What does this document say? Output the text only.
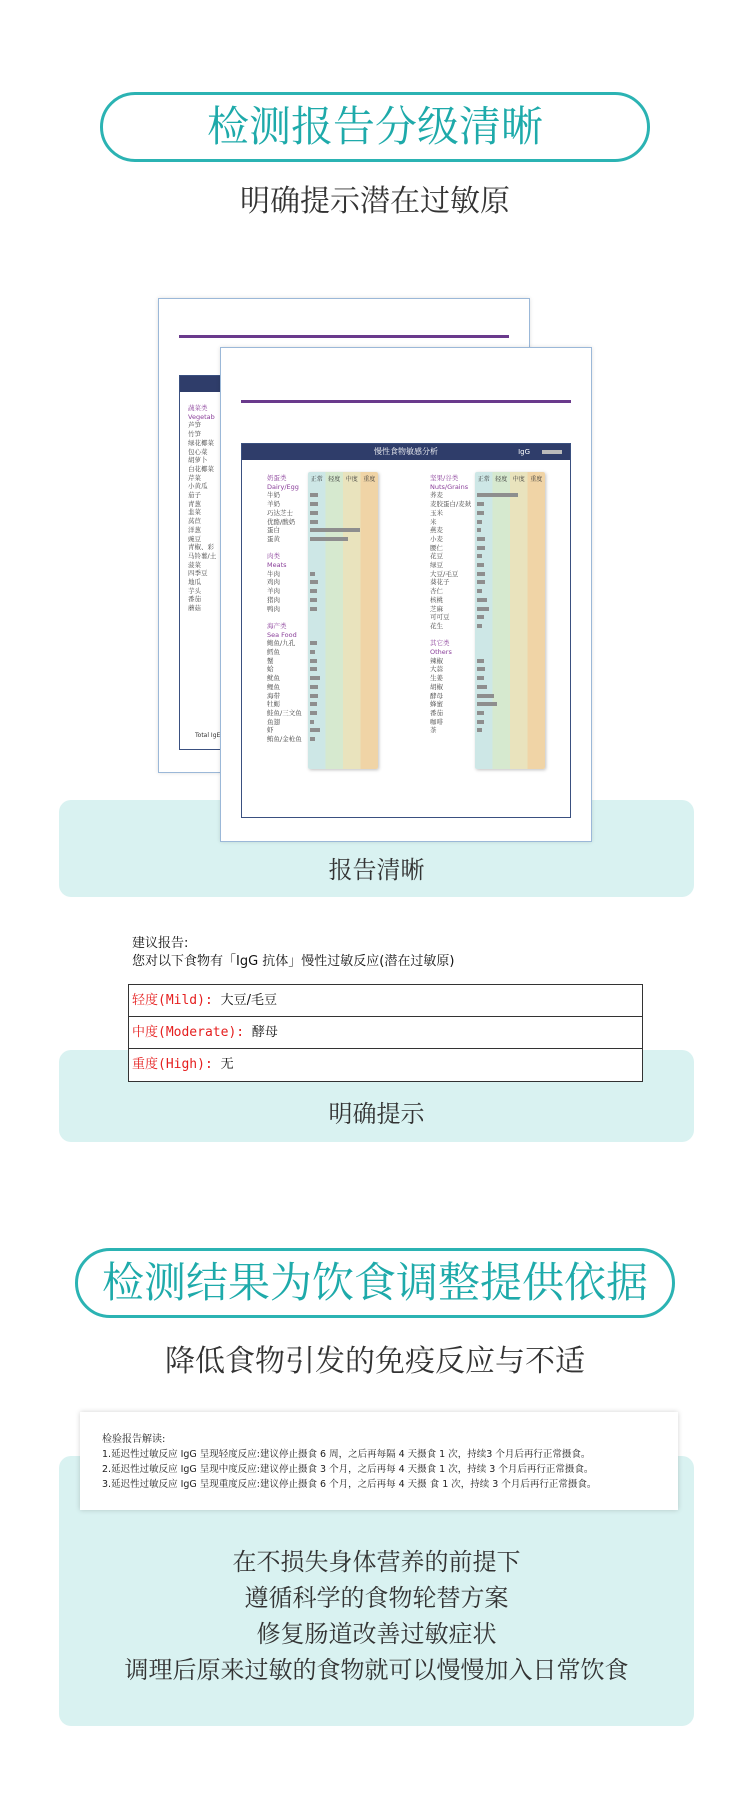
检测报告分级清晰
明确提示潜在过敏原
报告清晰
蔬菜类
Vegetab
芦笋
竹笋
绿花椰菜
包心菜
胡萝卜
白花椰菜
芹菜
小黄瓜
茄子
青葱
韭菜
莴苣
洋葱
豌豆
青椒、彩
马铃薯/土
菠菜
四季豆
地瓜
芋头
番茄
蘑菇
Total IgE
慢性食物敏感分析	IgG
奶蛋类
Dairy/Egg
牛奶
羊奶
巧达芝士
优酪/酸奶
蛋白
蛋黄

肉类
Meats
牛肉
鸡肉
羊肉
猪肉
鸭肉

海产类
Sea Food
鲍鱼/九孔
鳕鱼
蟹
蛤
鱿鱼
鲤鱼
海带
牡蛎
鲑鱼/三文鱼
鱼翅
虾
鲔鱼/金枪鱼
正常 轻度 中度 重度	坚果/谷类
Nuts/Grains
荞麦
麦胶蛋白/麦麸
玉米
米
燕麦
小麦
腰仁
花豆
绿豆
大豆/毛豆
葵花子
杏仁
核桃
芝麻
可可豆
花生

其它类
Others
辣椒
大蒜
生姜
胡椒
酵母
蜂蜜
番茄
咖啡
茶
正常 轻度 中度 重度
明确提示
建议报告:
您对以下食物有「IgG 抗体」慢性过敏反应(潜在过敏原)
轻度(Mild): 大豆/毛豆
中度(Moderate): 酵母
重度(High): 无
检测结果为饮食调整提供依据
降低食物引发的免疫反应与不适
在不损失身体营养的前提下
遵循科学的食物轮替方案
修复肠道改善过敏症状
调理后原来过敏的食物就可以慢慢加入日常饮食
检验报告解读:
1.延迟性过敏反应 IgG 呈现轻度反应:建议停止摄食 6 周，之后再每隔 4 天摄食 1 次，持续3 个月后再行正常摄食。
2.延迟性过敏反应 IgG 呈现中度反应:建议停止摄食 3 个月，之后再每 4 天摄食 1 次，持续 3 个月后再行正常摄食。
3.延迟性过敏反应 IgG 呈现重度反应:建议停止摄食 6 个月，之后再每 4 天摄 食 1 次，持续 3 个月后再行正常摄食。
